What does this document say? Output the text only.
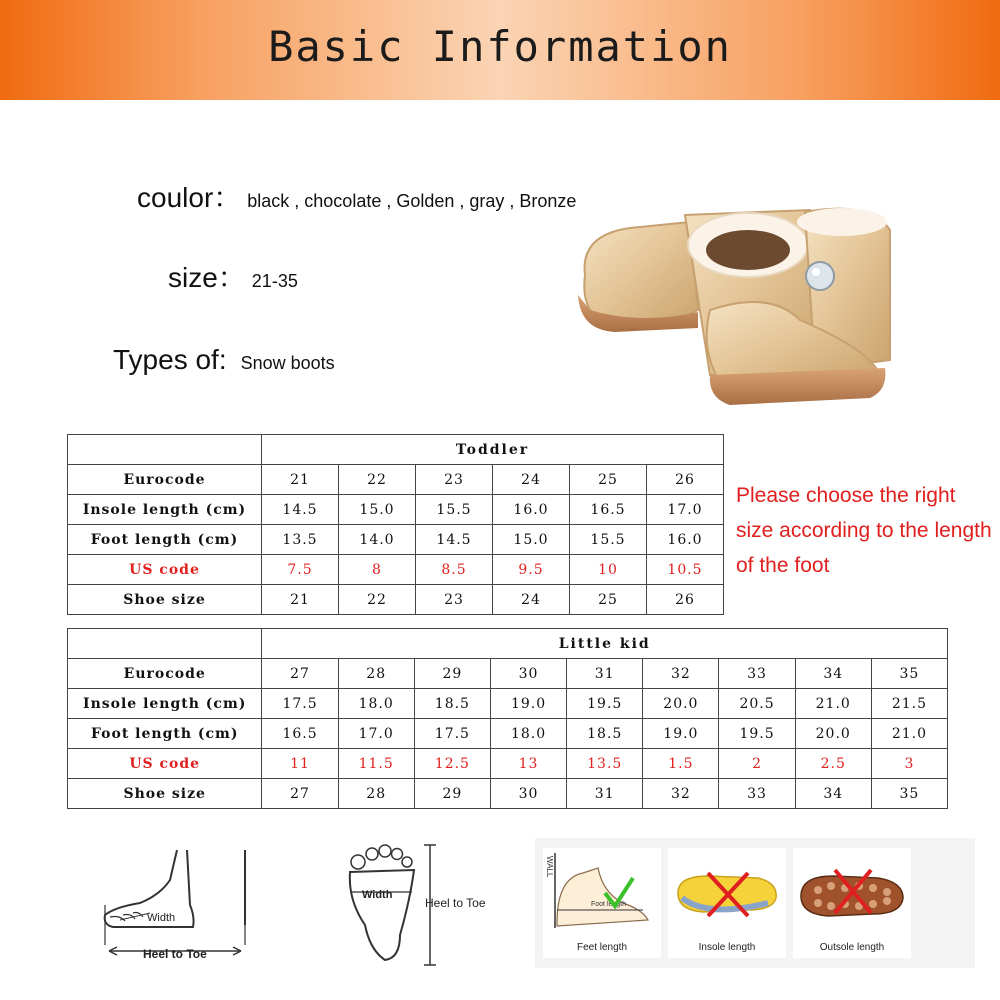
Basic Information
coulor： black , chocolate , Golden , gray , Bronze
size： 21-35
Types of: Snow boots
	Toddler					
Eurocode	21	22	23	24	25	26
Insole length (cm)	14.5	15.0	15.5	16.0	16.5	17.0
Foot length (cm)	13.5	14.0	14.5	15.0	15.5	16.0
US code	7.5	8	8.5	9.5	10	10.5
Shoe size	21	22	23	24	25	26
Please choose the right size according to the length of the foot
	Little kid								
Eurocode	27	28	29	30	31	32	33	34	35
Insole length (cm)	17.5	18.0	18.5	19.0	19.5	20.0	20.5	21.0	21.5
Foot length (cm)	16.5	17.0	17.5	18.0	18.5	19.0	19.5	20.0	21.0
US code	11	11.5	12.5	13	13.5	1.5	2	2.5	3
Shoe size	27	28	29	30	31	32	33	34	35
Width
Heel to Toe
Width
Heel to Toe
WALL
Foot length
Feet length	Insole length	Outsole length
